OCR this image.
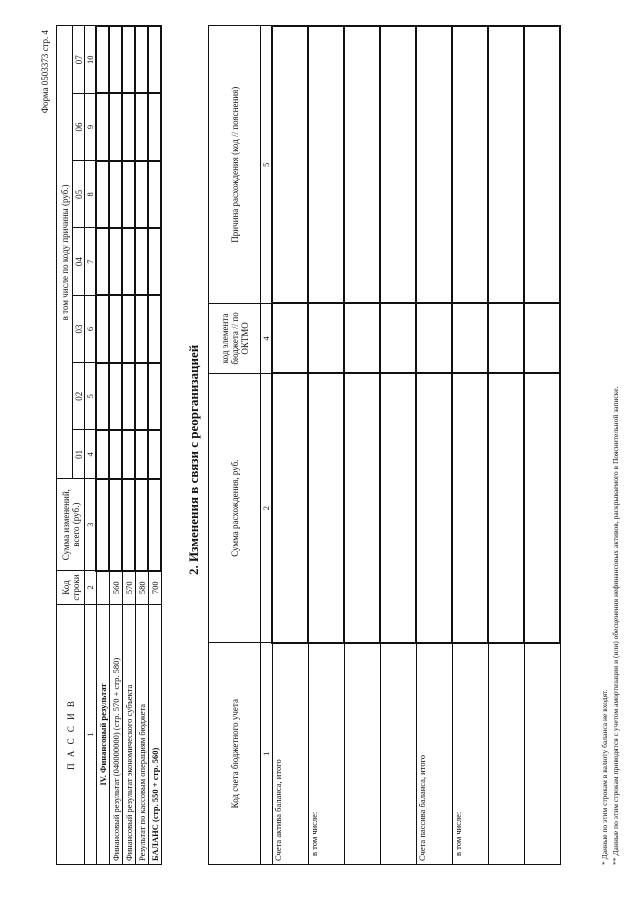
Форма 0503373 стр. 4
П А С С И В	Код строки	Сумма изменений, всего (руб.)	в том числе по коду причины (руб.)						
			01	02	03	04	05	06	07
1	2	3	4	5	6	7	8	9	10
IV. Финансовый результат									
Финансовый результат (040000000) (стр. 570 + стр. 580)	560								
Финансовый результат экономического субъекта	570								
Результат по кассовым операциям бюджета	580								
БАЛАНС (стр. 550 + стр. 560)	700								
2. Изменения в связи с реорганизацией
Код счета бюджетного учета	Сумма расхождения, руб.	код элемента бюджета // по ОКТМО	Причина расхождения (код // пояснения)
1	2	4	5
Счета актива баланса, итого			
в том числе:			

Счета пассива баланса, итого			
в том числе:			

				* Данные по этим строкам в валюту баланса не входят. ** Данные по этим строкам приводятся с учетом амортизации и (или) обесценения нефинансовых активов, раскрываемого в Пояснительной записке.
